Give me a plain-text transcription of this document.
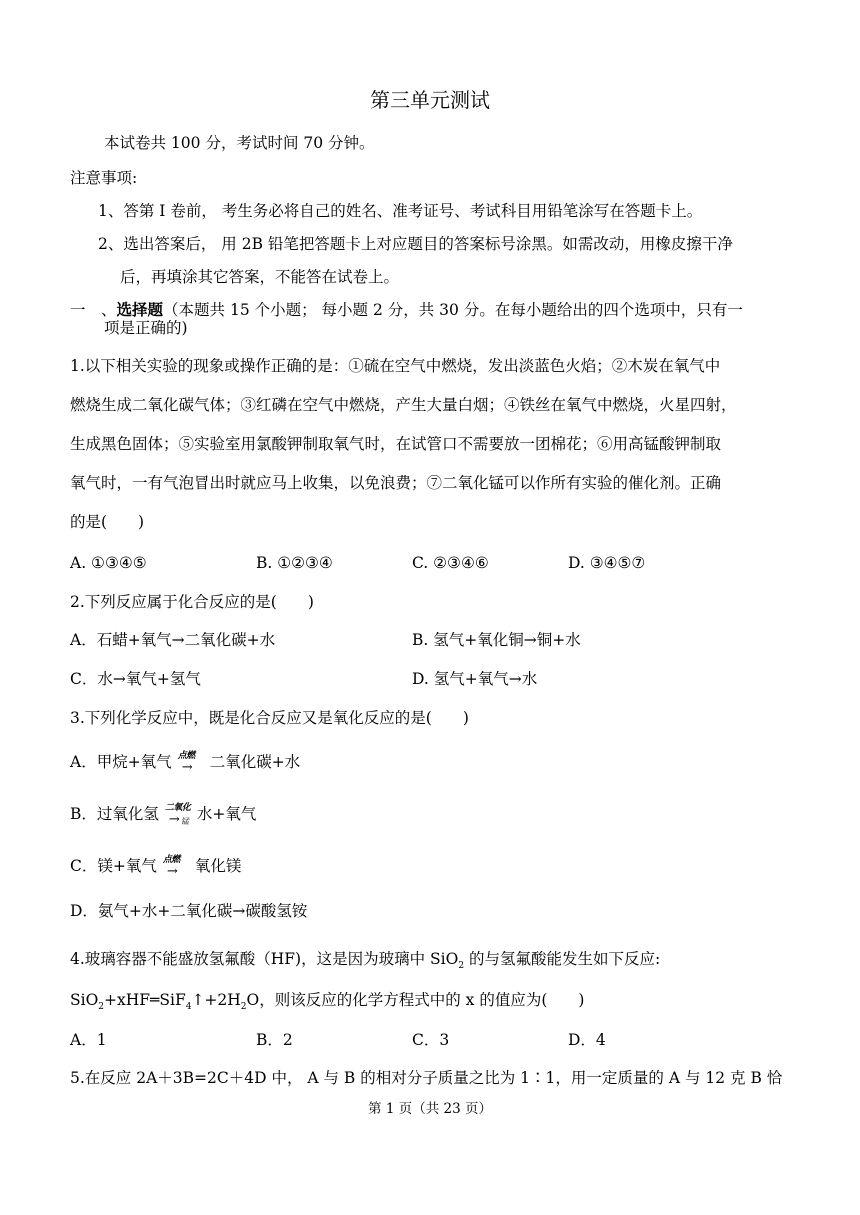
第三单元测试
本试卷共 100 分，考试时间 70 分钟。
注意事项:
1、答第 I 卷前， 考生务必将自己的姓名、准考证号、考试科目用铅笔涂写在答题卡上。
2、选出答案后， 用 2B 铅笔把答题卡上对应题目的答案标号涂黑。如需改动，用橡皮擦干净
后，再填涂其它答案，不能答在试卷上。
一　、选择题（本题共 15 个小题； 每小题 2 分，共 30 分。在每小题给出的四个选项中，只有一
项是正确的)
1.以下相关实验的现象或操作正确的是：①硫在空气中燃烧，发出淡蓝色火焰；②木炭在氧气中
燃烧生成二氧化碳气体；③红磷在空气中燃烧，产生大量白烟；④铁丝在氧气中燃烧，火星四射，
生成黑色固体；⑤实验室用氯酸钾制取氧气时，在试管口不需要放一团棉花；⑥用高锰酸钾制取
氧气时，一有气泡冒出时就应马上收集，以免浪费；⑦二氧化锰可以作所有实验的催化剂。正确
的是(　　)
A. ①③④⑤	B. ①②③④	C. ②③④⑥	D. ③④⑤⑦
2.下列反应属于化合反应的是(　　)
A．石蜡+氧气→二氧化碳+水	B. 氢气+氧化铜→铜+水
C．水→氧气+氢气	D. 氢气+氧气→水
3.下列化学反应中，既是化合反应又是氧化反应的是(　　)
A．甲烷+氧气 点燃
→ 二氧化碳+水
B．过氧化氢 二氧化
→ 锰 水+氧气
C．镁+氧气 点燃
→ 氧化镁
D．氨气+水+二氧化碳→碳酸氢铵
4.玻璃容器不能盛放氢氟酸（HF)，这是因为玻璃中 SiO$_2$ 的与氢氟酸能发生如下反应:
$SiO_2+xHF═SiF_4↑+2H_2O$，则该反应的化学方程式中的 x 的值应为(　　)
A．1	B．2	C．3	D．4
5.在反应 2A＋3B=2C＋4D 中， A 与 B 的相对分子质量之比为 1∶1，用一定质量的 A 与 12 克 B 恰
第 1 页（共 23 页）
